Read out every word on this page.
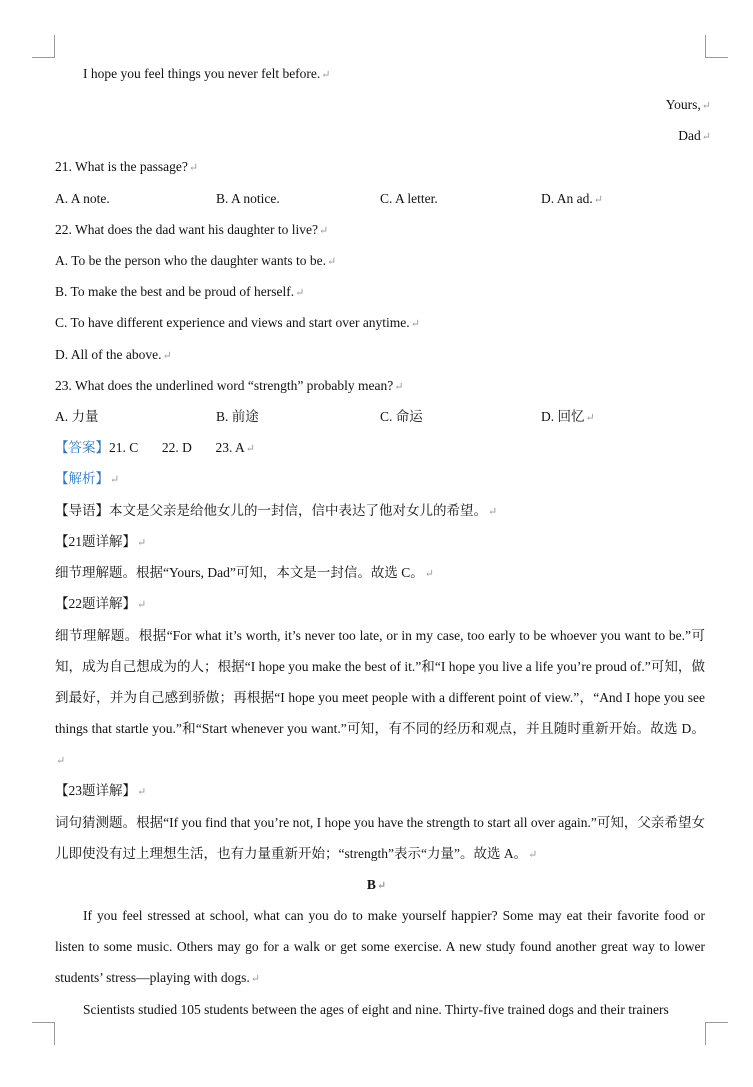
I hope you feel things you never felt before.↵
Yours,↵
Dad↵
21. What is the passage?↵
A. A note.	B. A notice.	C. A letter.	D. An ad.↵
22. What does the dad want his daughter to live?↵
A. To be the person who the daughter wants to be.↵
B. To make the best and be proud of herself.↵
C. To have different experience and views and start over anytime.↵
D. All of the above.↵
23. What does the underlined word “strength” probably mean?↵
A. 力量	B. 前途	C. 命运	D. 回忆↵
【答案】21. C       22. D       23. A↵
【解析】↵
【导语】本文是父亲是给他女儿的一封信，信中表达了他对女儿的希望。↵
【21题详解】↵
细节理解题。根据“Yours, Dad”可知，本文是一封信。故选 C。↵
【22题详解】↵
细节理解题。根据“For what it’s worth, it’s never too late, or in my case, too early to be whoever you want to be.”可知，成为自己想成为的人；根据“I hope you make the best of it.”和“I hope you live a life you’re proud of.”可知，做到最好，并为自己感到骄傲；再根据“I hope you meet people with a different point of view.”，“And I hope you see things that startle you.”和“Start whenever you want.”可知，有不同的经历和观点，并且随时重新开始。故选 D。↵
【23题详解】↵
词句猜测题。根据“If you find that you’re not, I hope you have the strength to start all over again.”可知，父亲希望女儿即使没有过上理想生活，也有力量重新开始；“strength”表示“力量”。故选 A。↵
B↵
If you feel stressed at school, what can you do to make yourself happier? Some may eat their favorite food or listen to some music. Others may go for a walk or get some exercise. A new study found another great way to lower students’ stress—playing with dogs.↵
Scientists studied 105 students between the ages of eight and nine. Thirty-five trained dogs and their trainers
